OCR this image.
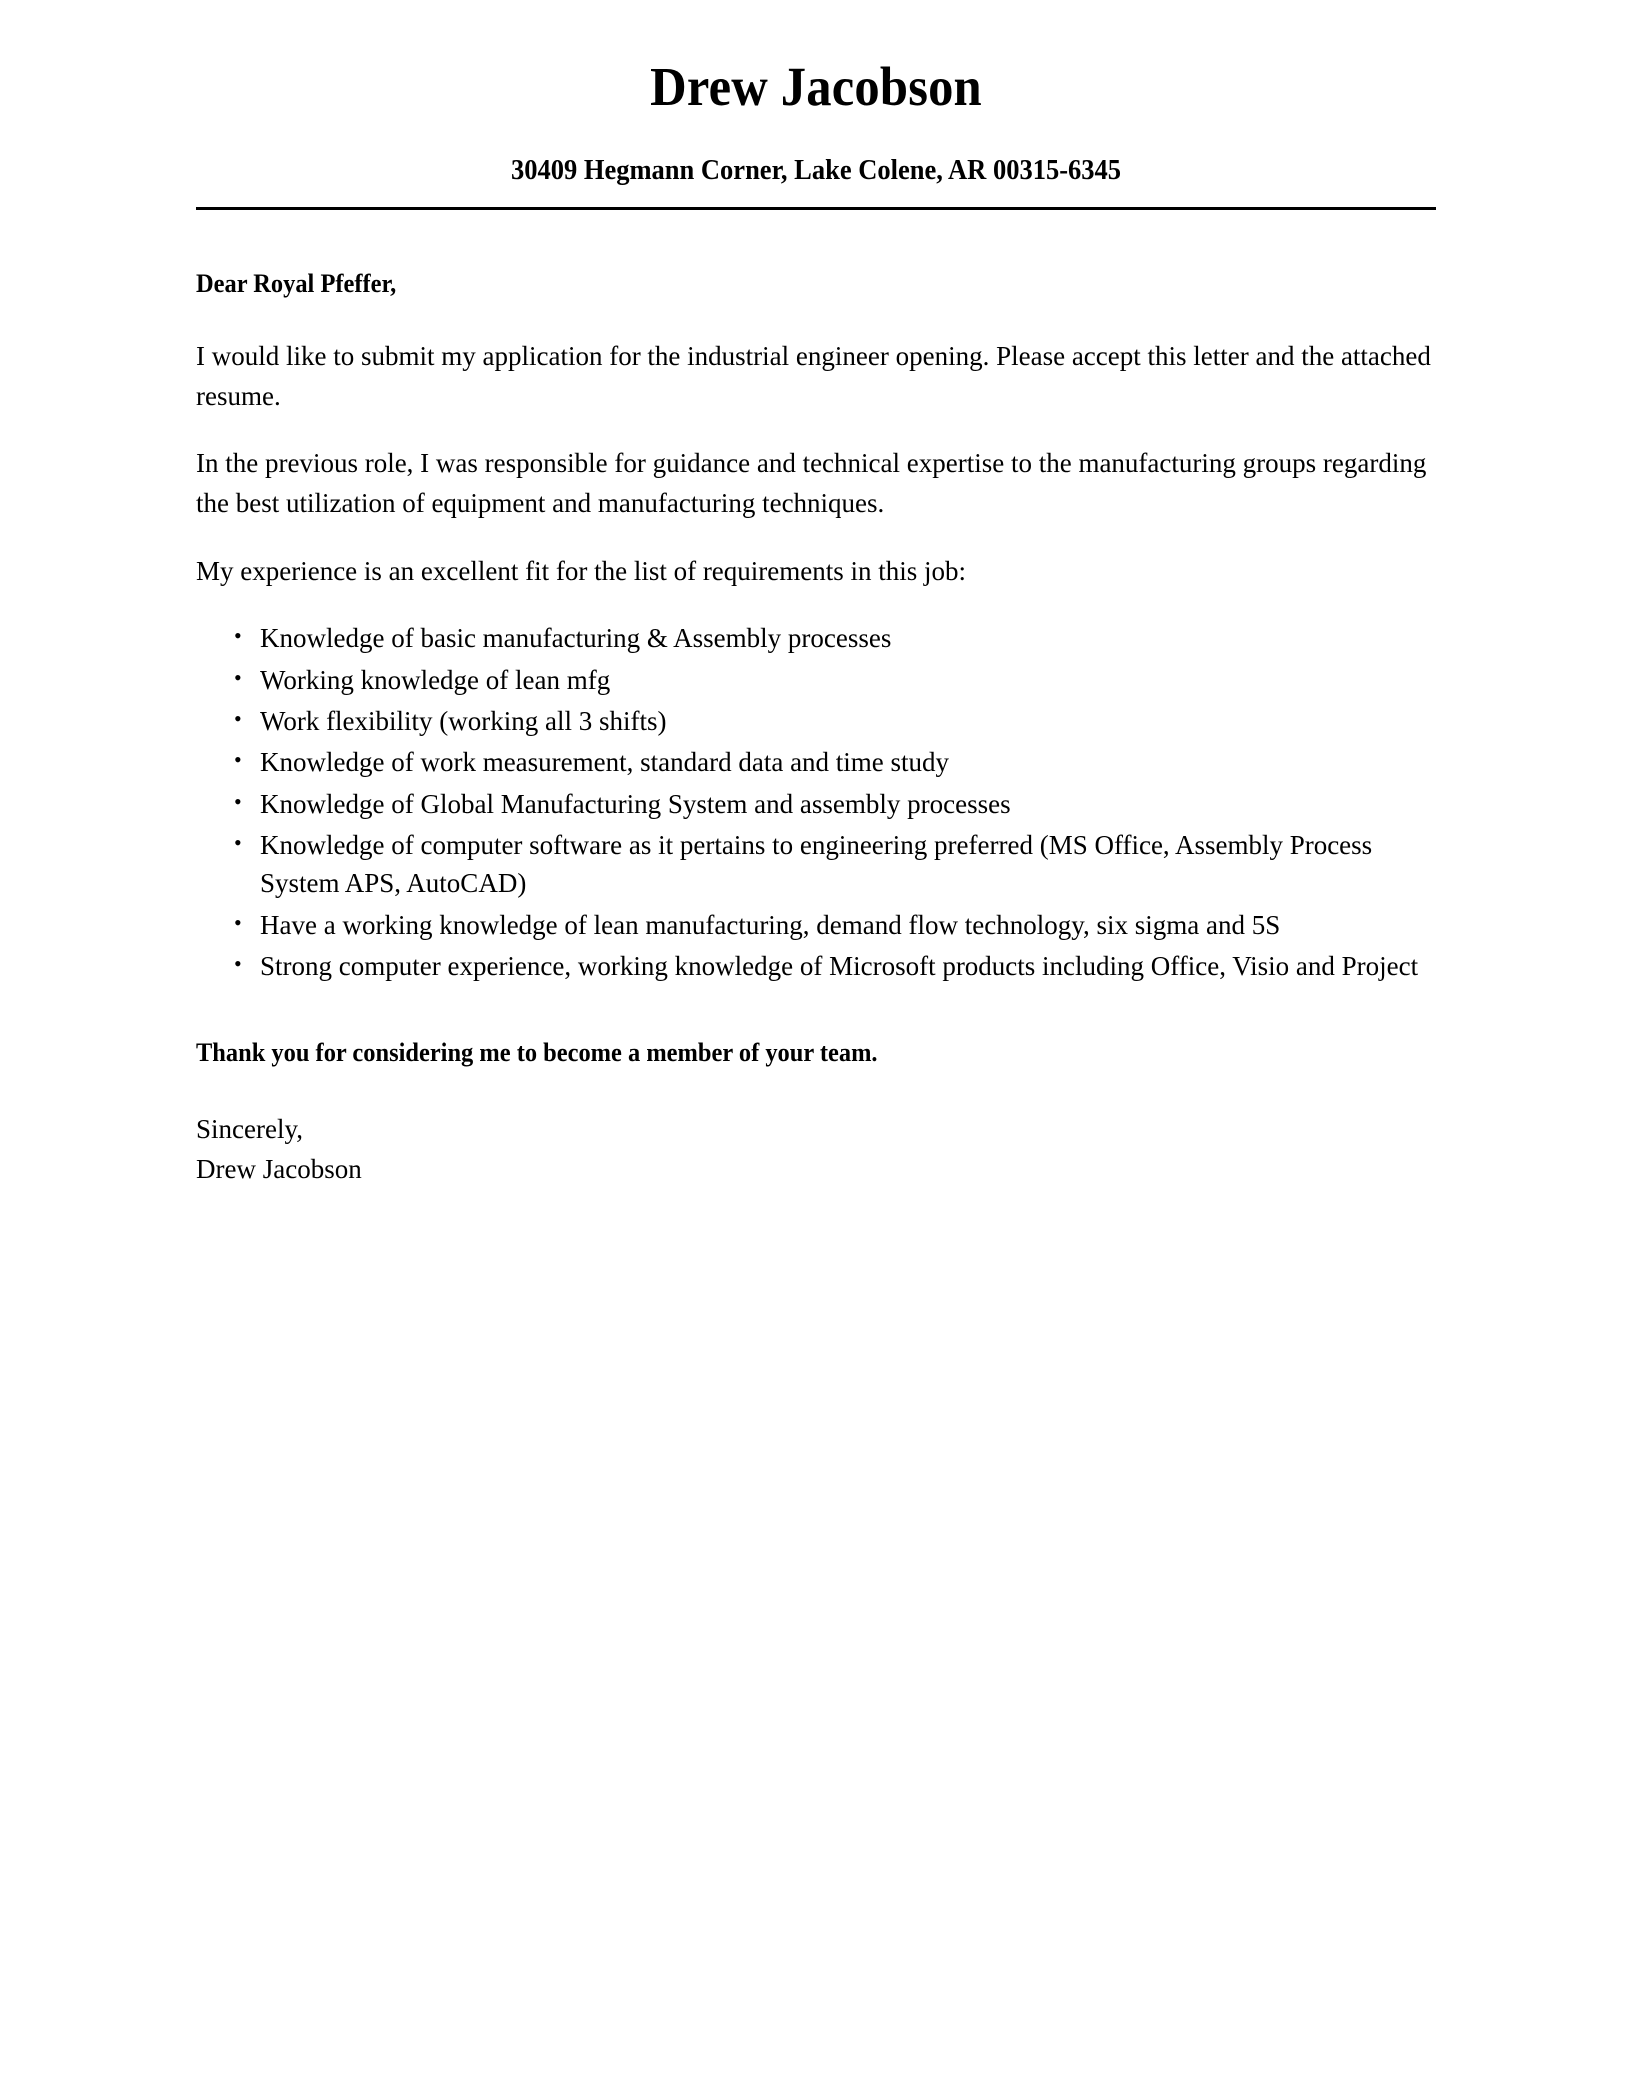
Drew Jacobson
30409 Hegmann Corner, Lake Colene, AR 00315-6345
Dear Royal Pfeffer,

I would like to submit my application for the industrial engineer opening. Please accept this letter and the attached resume.

In the previous role, I was responsible for guidance and technical expertise to the manufacturing groups regarding the best utilization of equipment and manufacturing techniques.

My experience is an excellent fit for the list of requirements in this job:

• Knowledge of basic manufacturing & Assembly processes
• Working knowledge of lean mfg
• Work flexibility (working all 3 shifts)
• Knowledge of work measurement, standard data and time study
• Knowledge of Global Manufacturing System and assembly processes
• Knowledge of computer software as it pertains to engineering preferred (MS Office, Assembly Process System APS, AutoCAD)
• Have a working knowledge of lean manufacturing, demand flow technology, six sigma and 5S
• Strong computer experience, working knowledge of Microsoft products including Office, Visio and Project
Thank you for considering me to become a member of your team.
Sincerely,
Drew Jacobson
